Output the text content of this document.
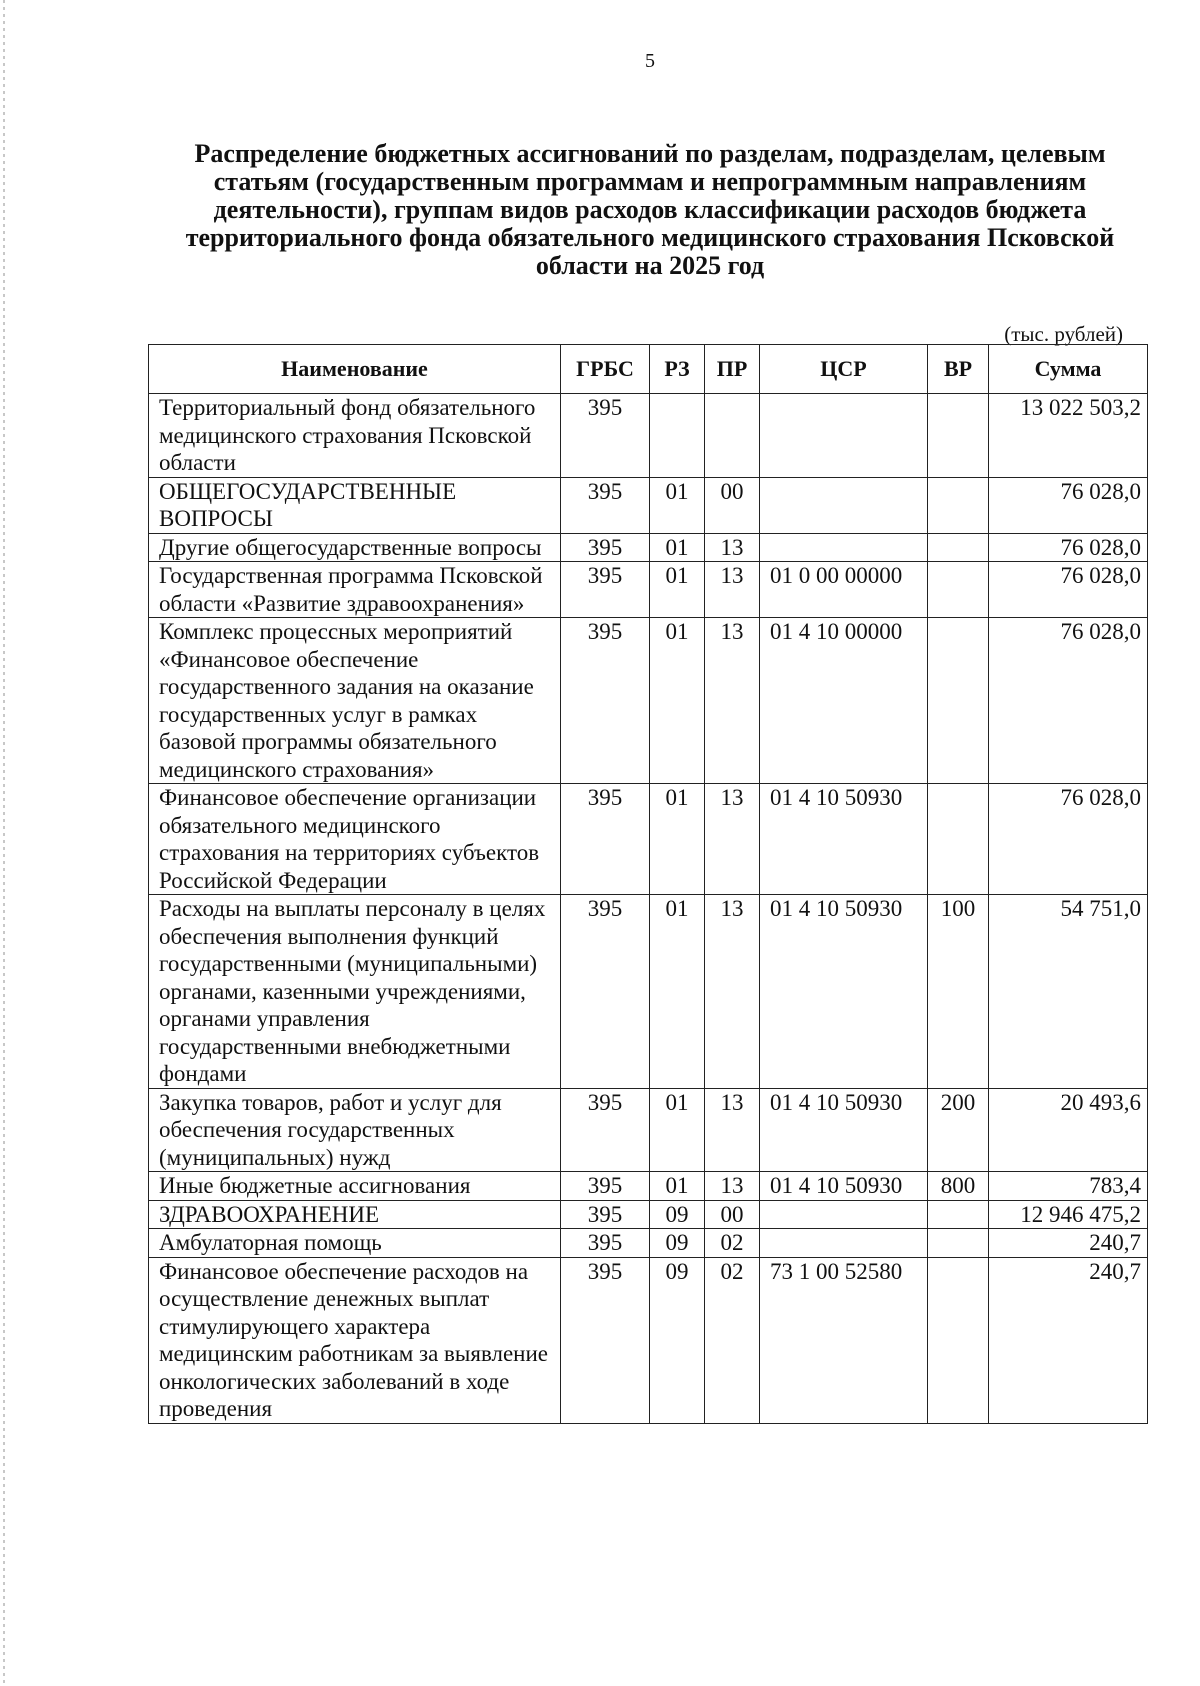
5
Распределение бюджетных ассигнований по разделам, подразделам, целевым статьям (государственным программам и непрограммным направлениям деятельности), группам видов расходов классификации расходов бюджета территориального фонда обязательного медицинского страхования Псковской области на 2025 год
(тыс. рублей)
Наименование	ГРБС	РЗ	ПР	ЦСР	ВР	Сумма
Территориальный фонд обязательного медицинского страхования Псковской области	395					13 022 503,2
ОБЩЕГОСУДАРСТВЕННЫЕ ВОПРОСЫ	395	01	00			76 028,0
Другие общегосударственные вопросы	395	01	13			76 028,0
Государственная программа Псковской области «Развитие здравоохранения»	395	01	13	01 0 00 00000		76 028,0
Комплекс процессных мероприятий «Финансовое обеспечение государственного задания на оказание государственных услуг в рамках базовой программы обязательного медицинского страхования»	395	01	13	01 4 10 00000		76 028,0
Финансовое обеспечение организации обязательного медицинского страхования на территориях субъектов Российской Федерации	395	01	13	01 4 10 50930		76 028,0
Расходы на выплаты персоналу в целях обеспечения выполнения функций государственными (муниципальными) органами, казенными учреждениями, органами управления государственными внебюджетными фондами	395	01	13	01 4 10 50930	100	54 751,0
Закупка товаров, работ и услуг для обеспечения государственных (муниципальных) нужд	395	01	13	01 4 10 50930	200	20 493,6
Иные бюджетные ассигнования	395	01	13	01 4 10 50930	800	783,4
ЗДРАВООХРАНЕНИЕ	395	09	00			12 946 475,2
Амбулаторная помощь	395	09	02			240,7
Финансовое обеспечение расходов на осуществление денежных выплат стимулирующего характера медицинским работникам за выявление онкологических заболеваний в ходе проведения	395	09	02	73 1 00 52580		240,7
